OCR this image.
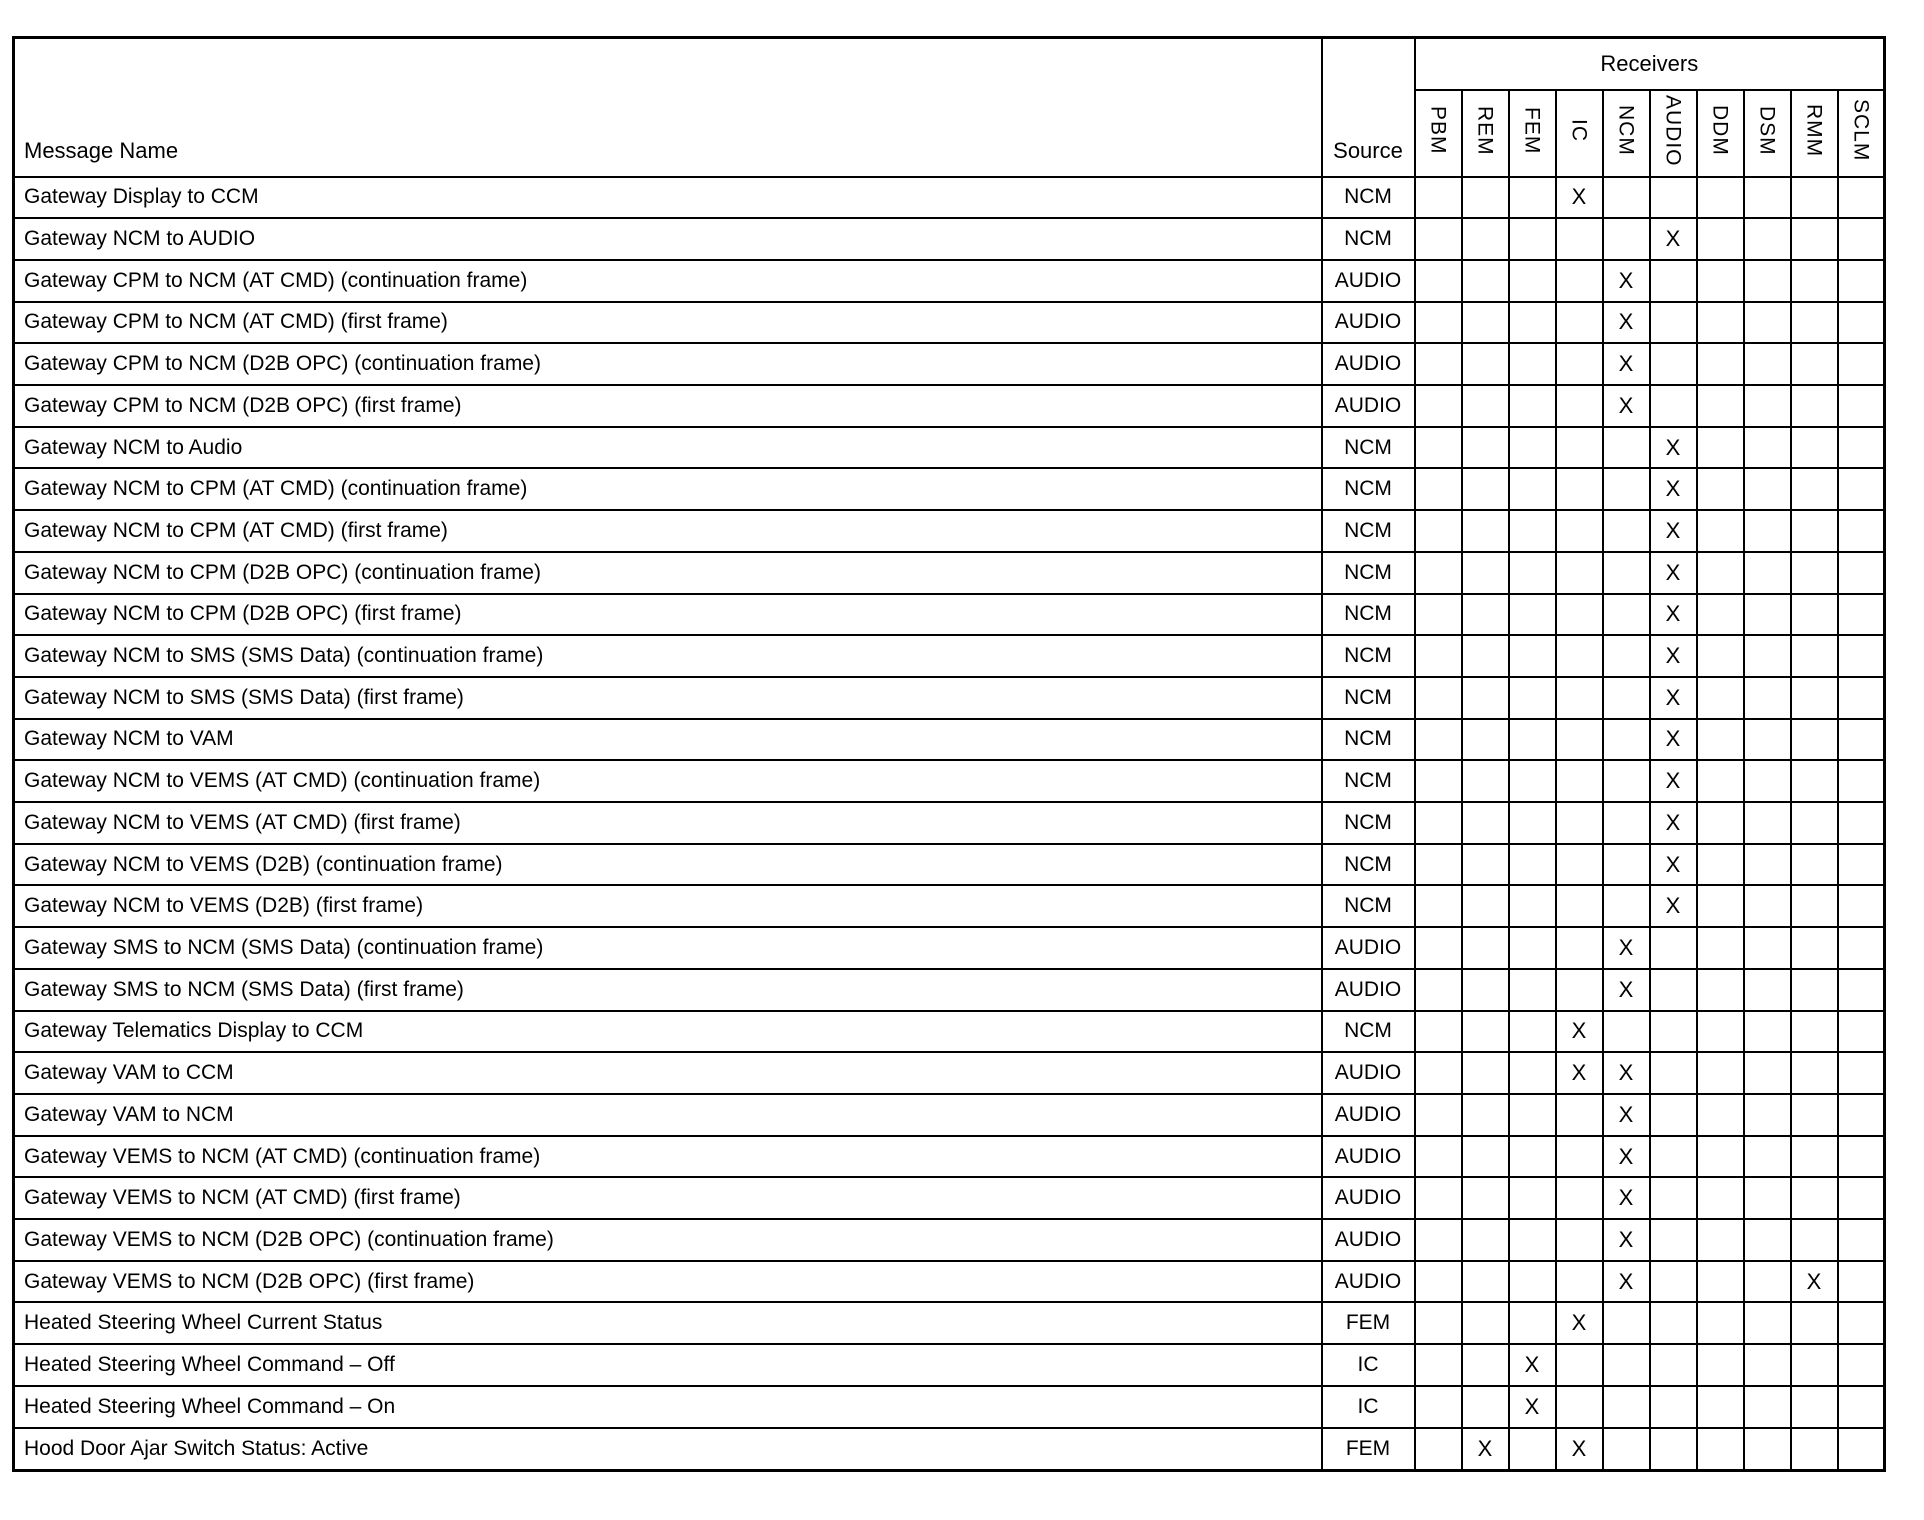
Message Name	Source	Receivers									
		PBM	REM	FEM	IC	NCM	AUDIO	DDM	DSM	RMM	SCLM
Gateway Display to CCM	NCM				X						
Gateway NCM to AUDIO	NCM						X				
Gateway CPM to NCM (AT CMD) (continuation frame)	AUDIO					X					
Gateway CPM to NCM (AT CMD) (first frame)	AUDIO					X					
Gateway CPM to NCM (D2B OPC) (continuation frame)	AUDIO					X					
Gateway CPM to NCM (D2B OPC) (first frame)	AUDIO					X					
Gateway NCM to Audio	NCM						X				
Gateway NCM to CPM (AT CMD) (continuation frame)	NCM						X				
Gateway NCM to CPM (AT CMD) (first frame)	NCM						X				
Gateway NCM to CPM (D2B OPC) (continuation frame)	NCM						X				
Gateway NCM to CPM (D2B OPC) (first frame)	NCM						X				
Gateway NCM to SMS (SMS Data) (continuation frame)	NCM						X				
Gateway NCM to SMS (SMS Data) (first frame)	NCM						X				
Gateway NCM to VAM	NCM						X				
Gateway NCM to VEMS (AT CMD) (continuation frame)	NCM						X				
Gateway NCM to VEMS (AT CMD) (first frame)	NCM						X				
Gateway NCM to VEMS (D2B) (continuation frame)	NCM						X				
Gateway NCM to VEMS (D2B) (first frame)	NCM						X				
Gateway SMS to NCM (SMS Data) (continuation frame)	AUDIO					X					
Gateway SMS to NCM (SMS Data) (first frame)	AUDIO					X					
Gateway Telematics Display to CCM	NCM				X						
Gateway VAM to CCM	AUDIO				X	X					
Gateway VAM to NCM	AUDIO					X					
Gateway VEMS to NCM (AT CMD) (continuation frame)	AUDIO					X					
Gateway VEMS to NCM (AT CMD) (first frame)	AUDIO					X					
Gateway VEMS to NCM (D2B OPC) (continuation frame)	AUDIO					X					
Gateway VEMS to NCM (D2B OPC) (first frame)	AUDIO					X				X	
Heated Steering Wheel Current Status	FEM				X						
Heated Steering Wheel Command – Off	IC			X							
Heated Steering Wheel Command – On	IC			X							
Hood Door Ajar Switch Status: Active	FEM		X		X						
